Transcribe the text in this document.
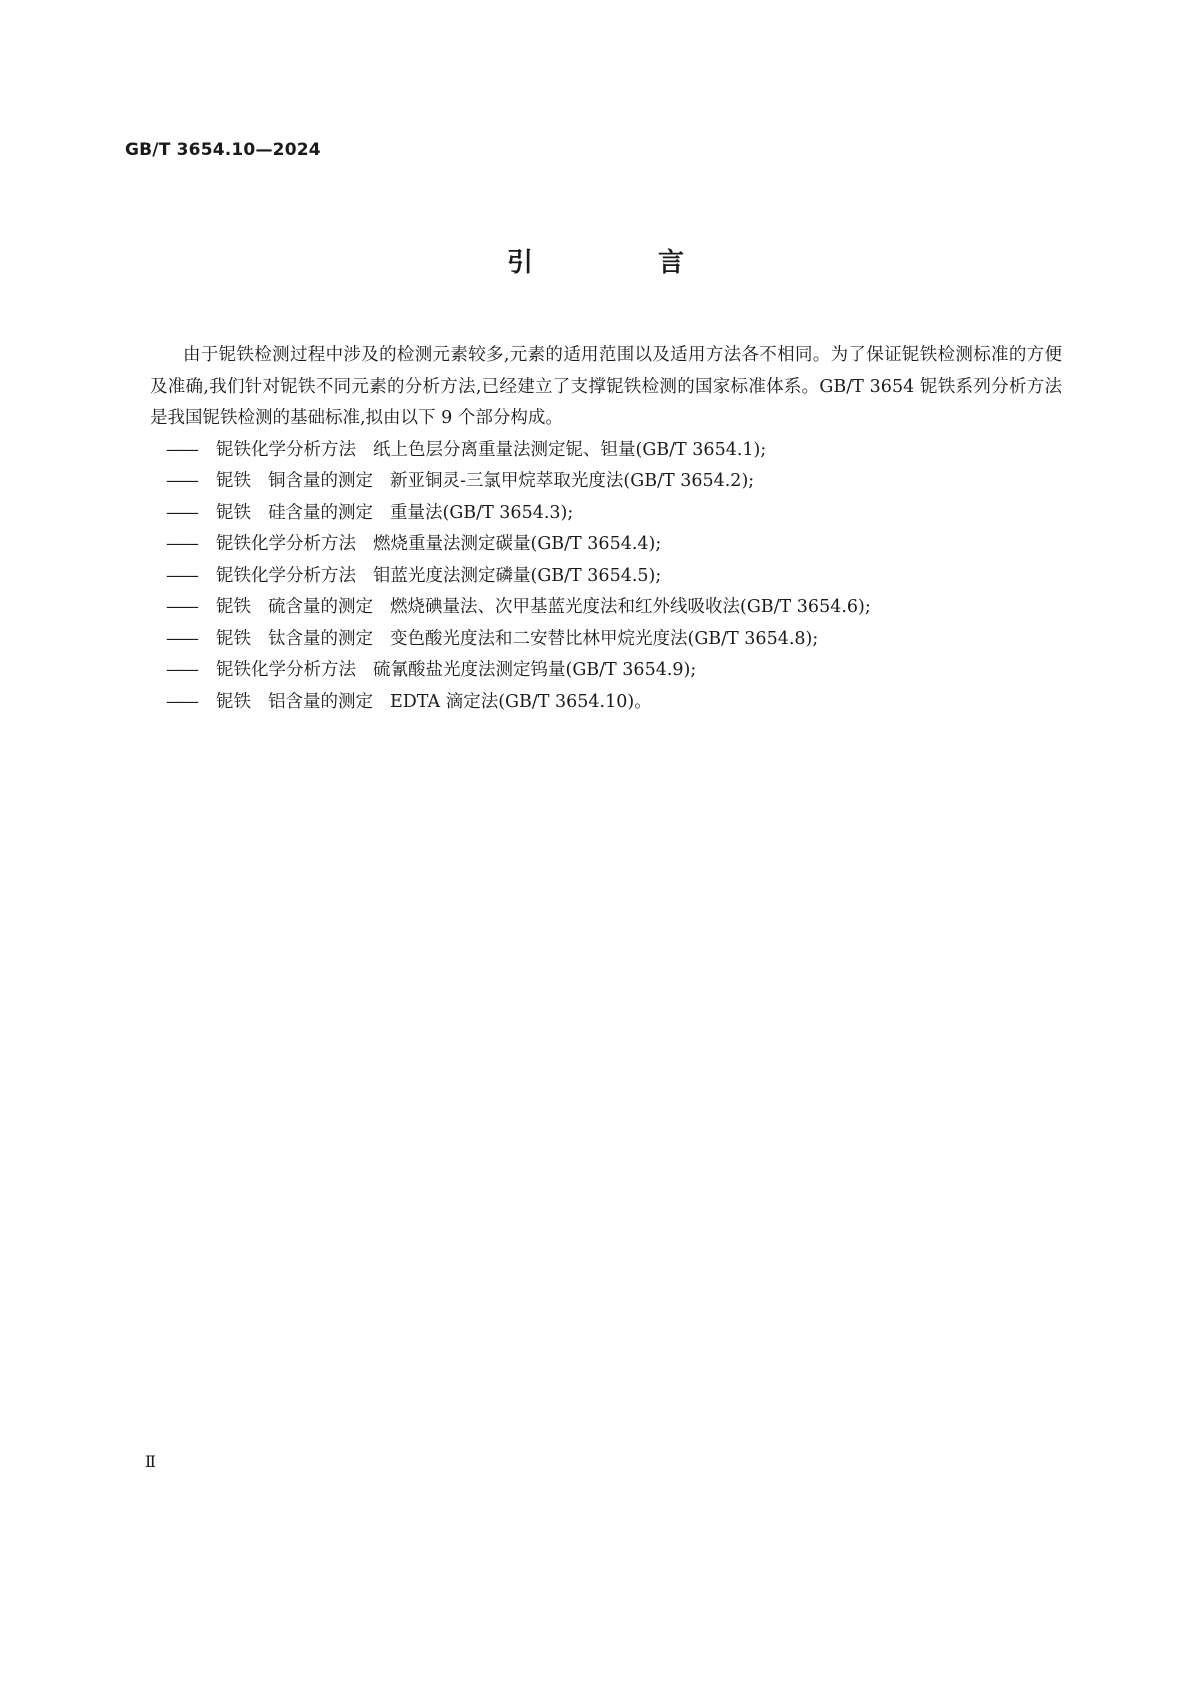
GB/T 3654.10—2024
引 言

由于铌铁检测过程中涉及的检测元素较多,元素的适用范围以及适用方法各不相同。为了保证铌铁检测标准的方便及准确,我们针对铌铁不同元素的分析方法,已经建立了支撑铌铁检测的国家标准体系。GB/T 3654 铌铁系列分析方法是我国铌铁检测的基础标准,拟由以下 9 个部分构成。

—— 铌铁化学分析方法 纸上色层分离重量法测定铌、钽量(GB/T 3654.1);
—— 铌铁 铜含量的测定 新亚铜灵-三氯甲烷萃取光度法(GB/T 3654.2);
—— 铌铁 硅含量的测定 重量法(GB/T 3654.3);
—— 铌铁化学分析方法 燃烧重量法测定碳量(GB/T 3654.4);
—— 铌铁化学分析方法 钼蓝光度法测定磷量(GB/T 3654.5);
—— 铌铁 硫含量的测定 燃烧碘量法、次甲基蓝光度法和红外线吸收法(GB/T 3654.6);
—— 铌铁 钛含量的测定 变色酸光度法和二安替比林甲烷光度法(GB/T 3654.8);
—— 铌铁化学分析方法 硫氰酸盐光度法测定钨量(GB/T 3654.9);
—— 铌铁 铝含量的测定 EDTA 滴定法(GB/T 3654.10)。
Ⅱ
